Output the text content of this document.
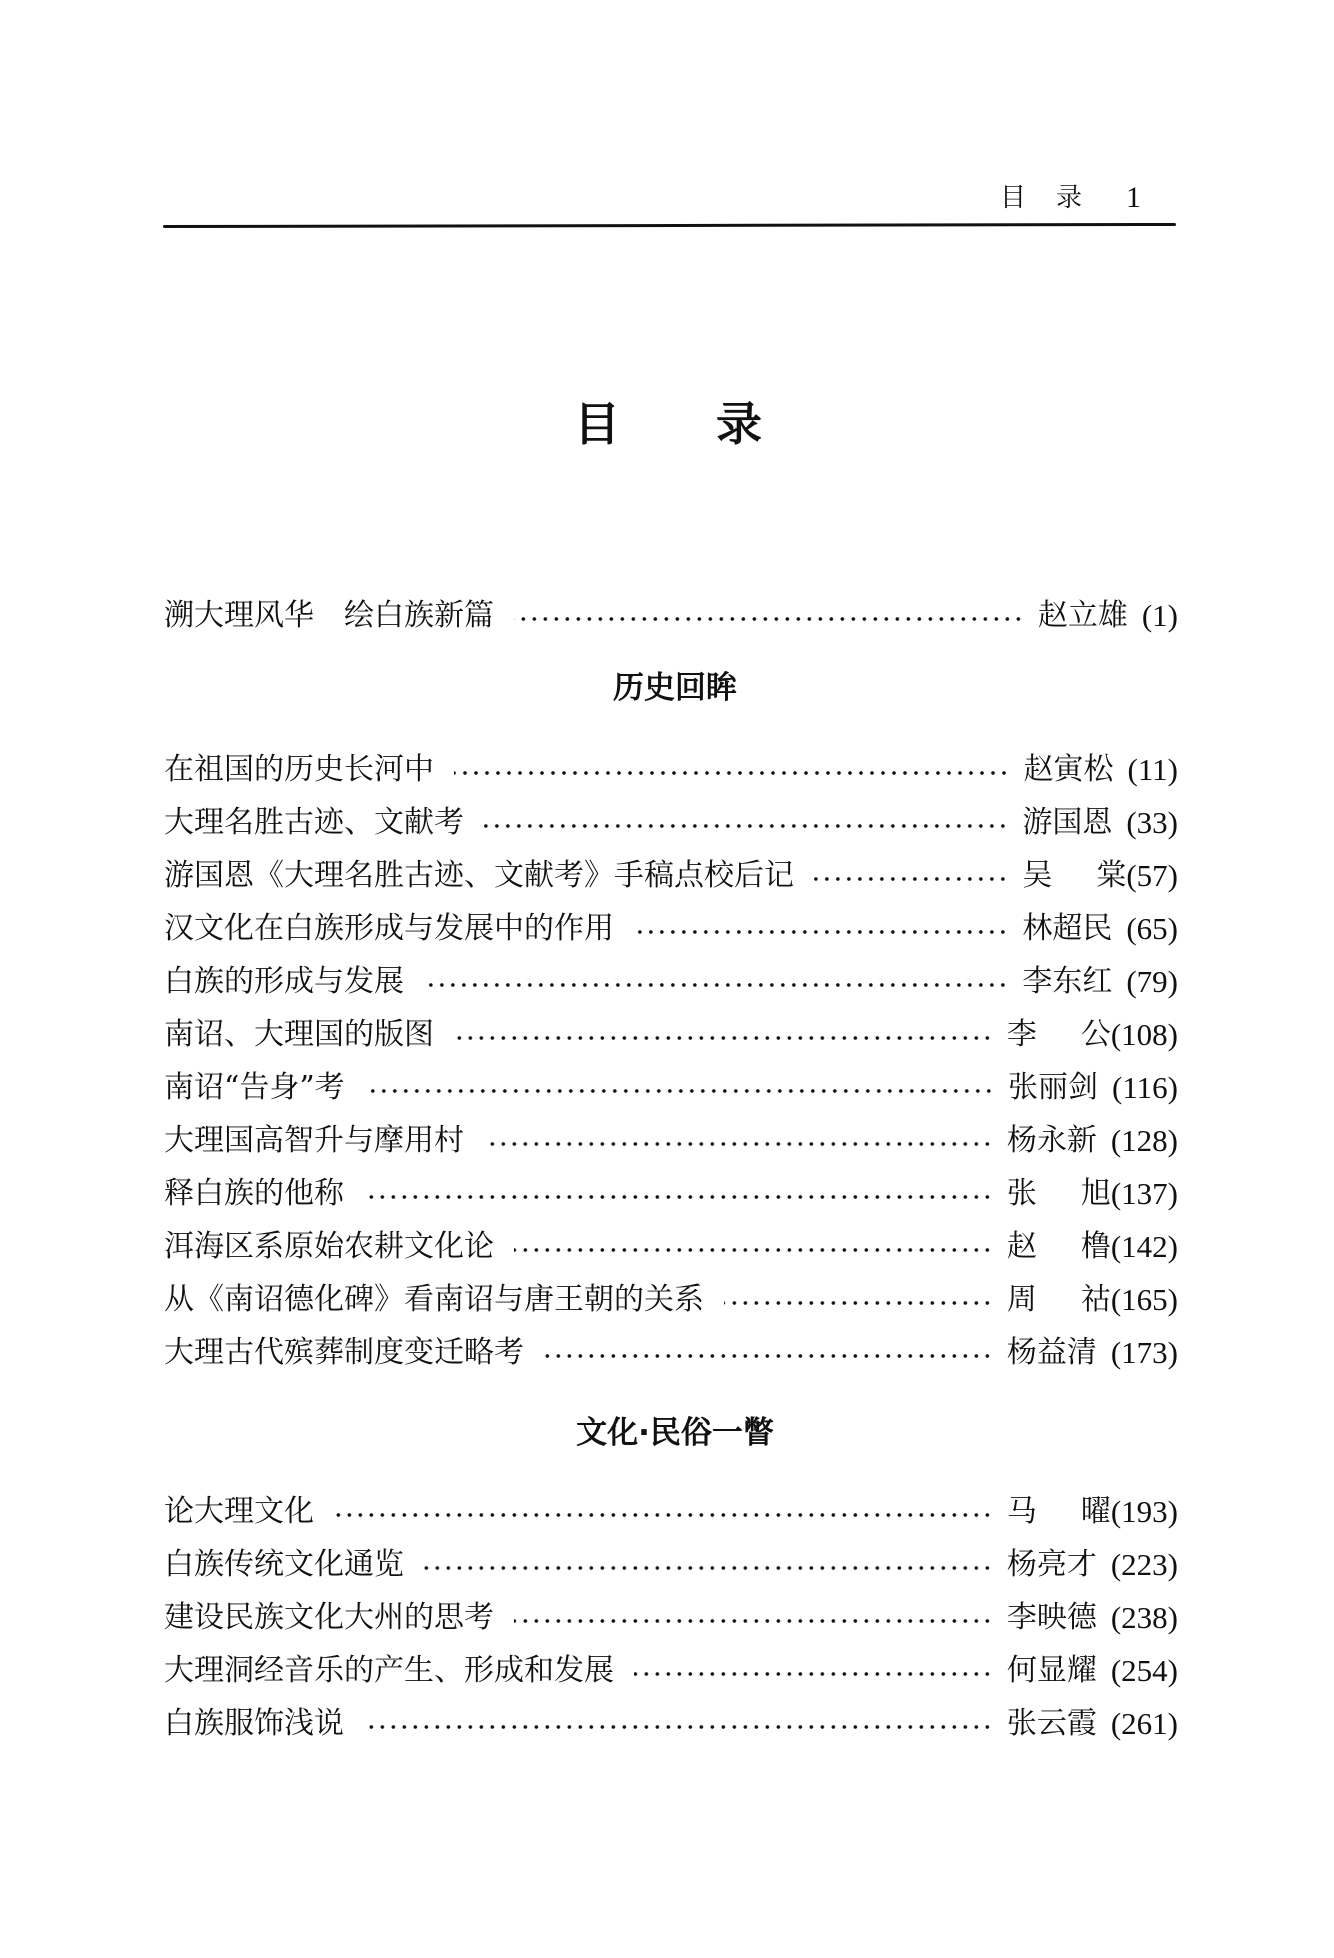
目 录 1
目 录
溯大理风华　绘白族新篇	赵立雄 (1)
历史回眸
在祖国的历史长河中	赵寅松 (11)
大理名胜古迹、文献考	游国恩 (33)
游国恩《大理名胜古迹、文献考》手稿点校后记	吴 棠 (57)
汉文化在白族形成与发展中的作用	林超民 (65)
白族的形成与发展	李东红 (79)
南诏、大理国的版图	李 公 (108)
南诏“告身”考	张丽剑 (116)
大理国高智升与摩用村	杨永新 (128)
释白族的他称	张 旭 (137)
洱海区系原始农耕文化论	赵 橹 (142)
从《南诏德化碑》看南诏与唐王朝的关系	周 祜 (165)
大理古代殡葬制度变迁略考	杨益清 (173)
文化·民俗一瞥
论大理文化	马 曜 (193)
白族传统文化通览	杨亮才 (223)
建设民族文化大州的思考	李映德 (238)
大理洞经音乐的产生、形成和发展	何显耀 (254)
白族服饰浅说	张云霞 (261)
